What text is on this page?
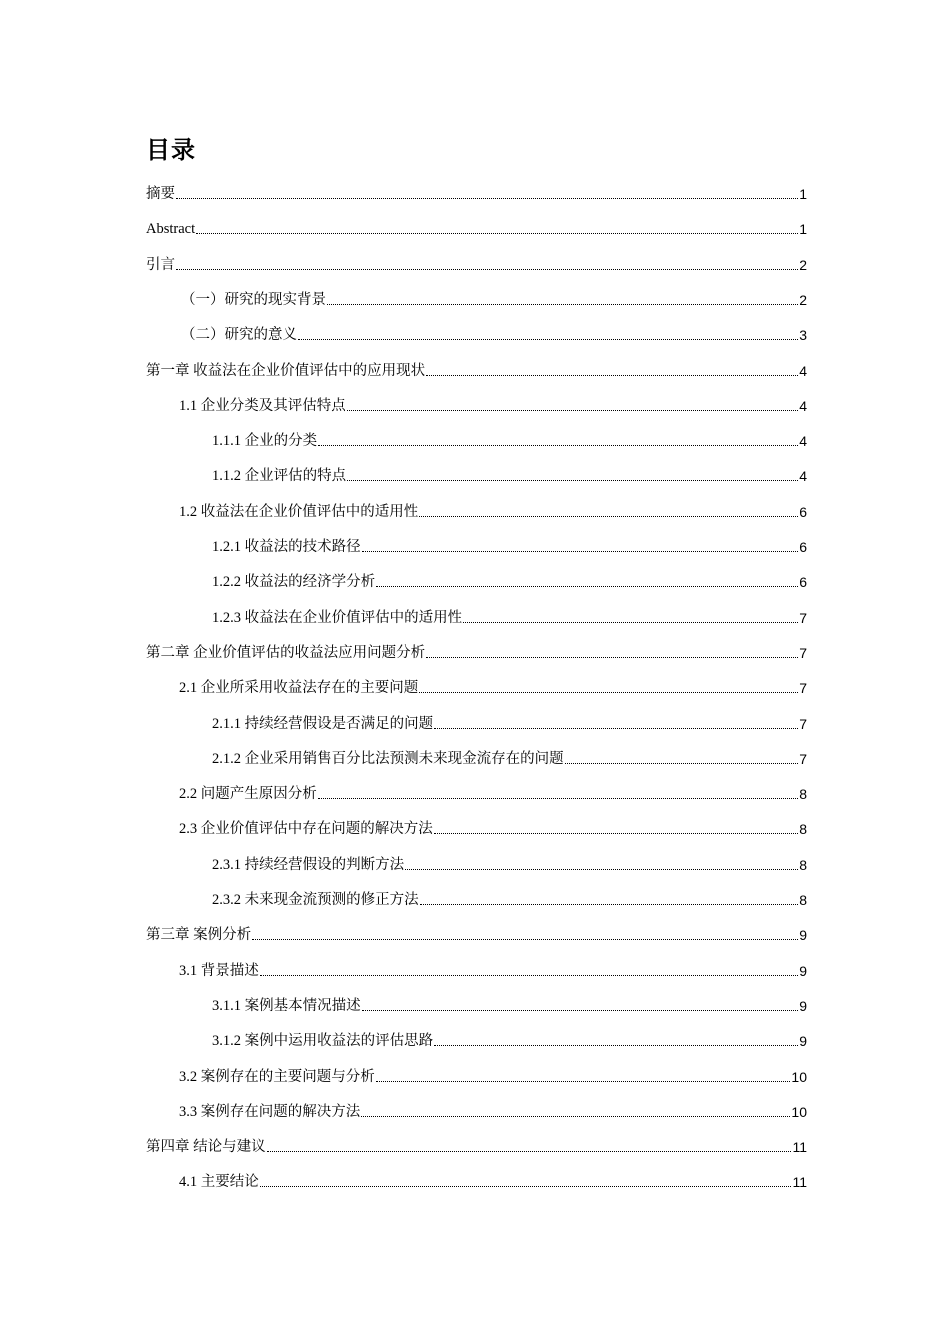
目录
摘要	1
Abstract	1
引言	2
（一）研究的现实背景	2
（二）研究的意义	3
第一章 收益法在企业价值评估中的应用现状	4
1.1 企业分类及其评估特点	4
1.1.1 企业的分类	4
1.1.2 企业评估的特点	4
1.2 收益法在企业价值评估中的适用性	6
1.2.1 收益法的技术路径	6
1.2.2 收益法的经济学分析	6
1.2.3 收益法在企业价值评估中的适用性	7
第二章 企业价值评估的收益法应用问题分析	7
2.1 企业所采用收益法存在的主要问题	7
2.1.1 持续经营假设是否满足的问题	7
2.1.2 企业采用销售百分比法预测未来现金流存在的问题	7
2.2 问题产生原因分析	8
2.3 企业价值评估中存在问题的解决方法	8
2.3.1 持续经营假设的判断方法	8
2.3.2 未来现金流预测的修正方法	8
第三章 案例分析	9
3.1 背景描述	9
3.1.1 案例基本情况描述	9
3.1.2 案例中运用收益法的评估思路	9
3.2 案例存在的主要问题与分析	10
3.3 案例存在问题的解决方法	10
第四章 结论与建议	11
4.1 主要结论	11
